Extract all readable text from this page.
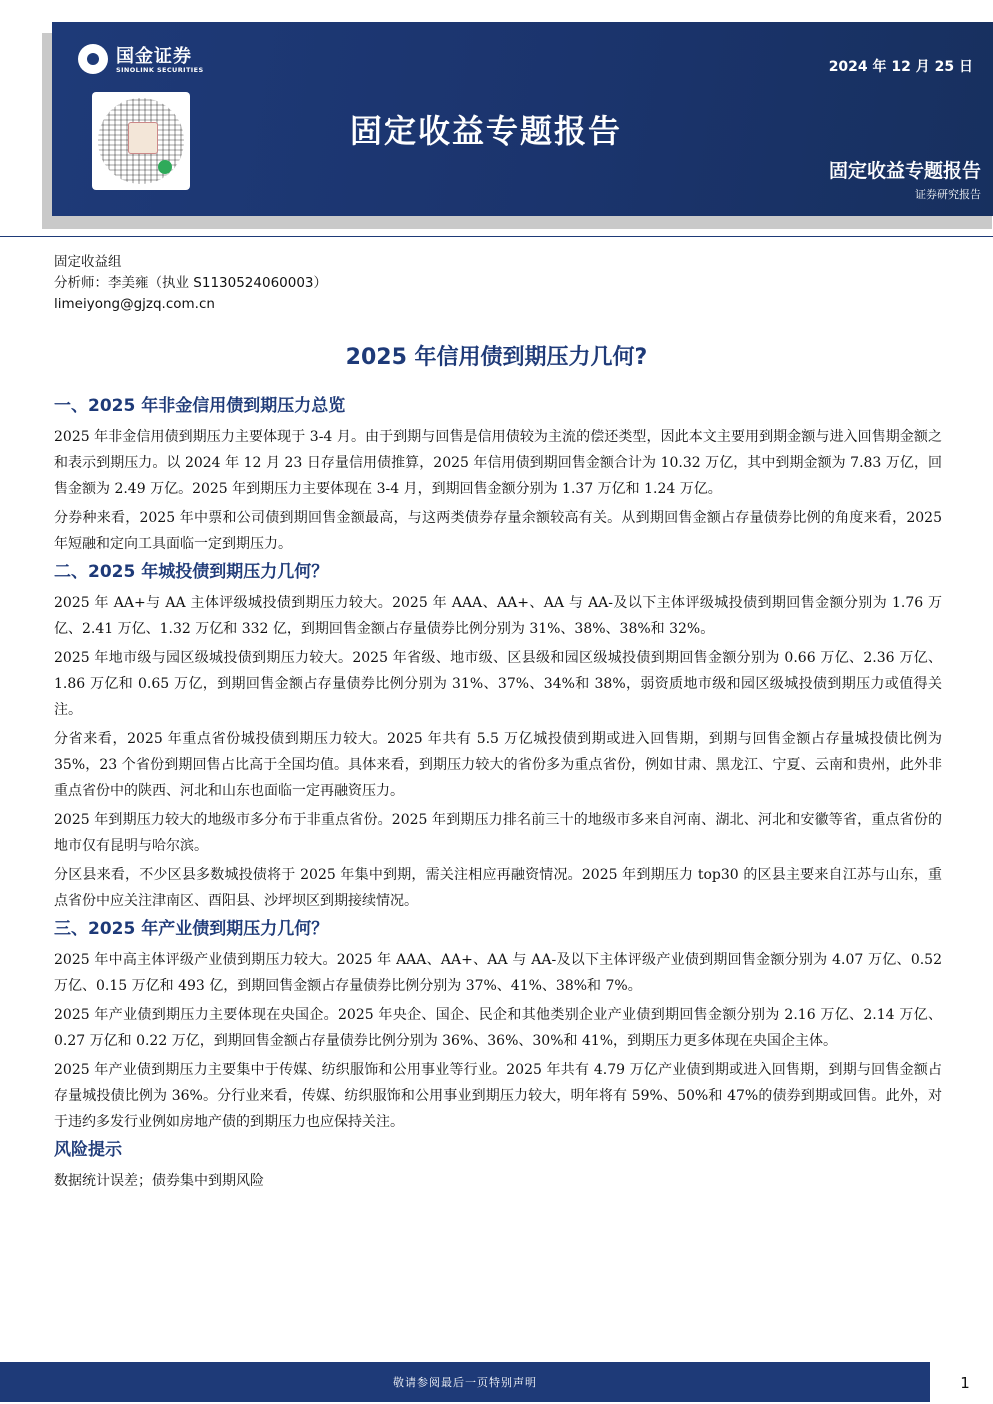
国金证券
SINOLINK SECURITIES	2024 年 12 月 25 日
固定收益专题报告
固定收益专题报告
证券研究报告
固定收益组
分析师：李美雍（执业 S1130524060003）
limeiyong@gjzq.com.cn
2025 年信用债到期压力几何?
一、2025 年非金信用债到期压力总览

2025 年非金信用债到期压力主要体现于 3-4 月。由于到期与回售是信用债较为主流的偿还类型，因此本文主要用到期金额与进入回售期金额之和表示到期压力。以 2024 年 12 月 23 日存量信用债推算，2025 年信用债到期回售金额合计为 10.32 万亿，其中到期金额为 7.83 万亿，回售金额为 2.49 万亿。2025 年到期压力主要体现在 3-4 月，到期回售金额分别为 1.37 万亿和 1.24 万亿。

分券种来看，2025 年中票和公司债到期回售金额最高，与这两类债券存量余额较高有关。从到期回售金额占存量债券比例的角度来看，2025 年短融和定向工具面临一定到期压力。

二、2025 年城投债到期压力几何？

2025 年 AA+与 AA 主体评级城投债到期压力较大。2025 年 AAA、AA+、AA 与 AA-及以下主体评级城投债到期回售金额分别为 1.76 万亿、2.41 万亿、1.32 万亿和 332 亿，到期回售金额占存量债券比例分别为 31%、38%、38%和 32%。

2025 年地市级与园区级城投债到期压力较大。2025 年省级、地市级、区县级和园区级城投债到期回售金额分别为 0.66 万亿、2.36 万亿、1.86 万亿和 0.65 万亿，到期回售金额占存量债券比例分别为 31%、37%、34%和 38%，弱资质地市级和园区级城投债到期压力或值得关注。

分省来看，2025 年重点省份城投债到期压力较大。2025 年共有 5.5 万亿城投债到期或进入回售期，到期与回售金额占存量城投债比例为 35%，23 个省份到期回售占比高于全国均值。具体来看，到期压力较大的省份多为重点省份，例如甘肃、黑龙江、宁夏、云南和贵州，此外非重点省份中的陕西、河北和山东也面临一定再融资压力。

2025 年到期压力较大的地级市多分布于非重点省份。2025 年到期压力排名前三十的地级市多来自河南、湖北、河北和安徽等省，重点省份的地市仅有昆明与哈尔滨。

分区县来看，不少区县多数城投债将于 2025 年集中到期，需关注相应再融资情况。2025 年到期压力 top30 的区县主要来自江苏与山东，重点省份中应关注津南区、酉阳县、沙坪坝区到期接续情况。

三、2025 年产业债到期压力几何？

2025 年中高主体评级产业债到期压力较大。2025 年 AAA、AA+、AA 与 AA-及以下主体评级产业债到期回售金额分别为 4.07 万亿、0.52 万亿、0.15 万亿和 493 亿，到期回售金额占存量债券比例分别为 37%、41%、38%和 7%。

2025 年产业债到期压力主要体现在央国企。2025 年央企、国企、民企和其他类别企业产业债到期回售金额分别为 2.16 万亿、2.14 万亿、0.27 万亿和 0.22 万亿，到期回售金额占存量债券比例分别为 36%、36%、30%和 41%，到期压力更多体现在央国企主体。

2025 年产业债到期压力主要集中于传媒、纺织服饰和公用事业等行业。2025 年共有 4.79 万亿产业债到期或进入回售期，到期与回售金额占存量城投债比例为 36%。分行业来看，传媒、纺织服饰和公用事业到期压力较大，明年将有 59%、50%和 47%的债券到期或回售。此外，对于违约多发行业例如房地产债的到期压力也应保持关注。

风险提示

数据统计误差；债券集中到期风险

敬请参阅最后一页特别声明	1
